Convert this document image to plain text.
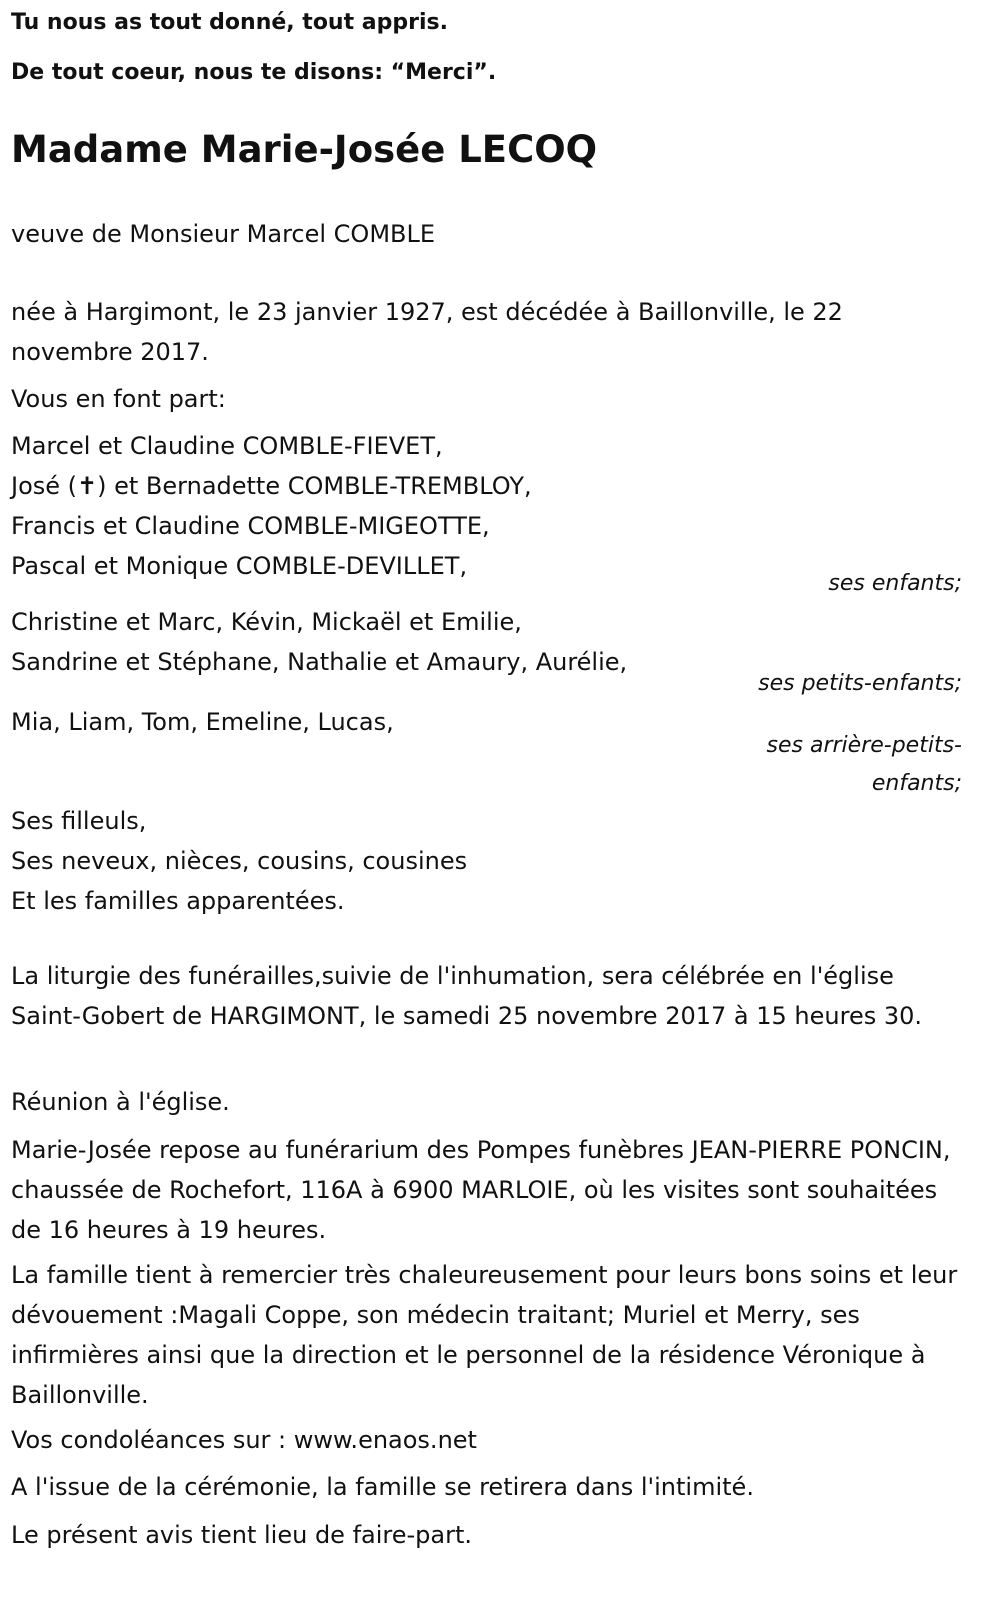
Tu nous as tout donné, tout appris.

De tout coeur, nous te disons: “Merci”.

Madame Marie-Josée LECOQ

veuve de Monsieur Marcel COMBLE

née à Hargimont, le 23 janvier 1927, est décédée à Baillonville, le 22 novembre 2017.

Vous en font part:

Marcel et Claudine COMBLE-FIEVET,
José (✝) et Bernadette COMBLE-TREMBLOY,
Francis et Claudine COMBLE-MIGEOTTE,
Pascal et Monique COMBLE-DEVILLET,

ses enfants;

Christine et Marc, Kévin, Mickaël et Emilie,
Sandrine et Stéphane, Nathalie et Amaury, Aurélie,

ses petits-enfants;

Mia, Liam, Tom, Emeline, Lucas,

ses arrière-petits-enfants;

Ses filleuls,
Ses neveux, nièces, cousins, cousines
Et les familles apparentées.

La liturgie des funérailles,suivie de l'inhumation, sera célébrée en l'église Saint-Gobert de HARGIMONT, le samedi 25 novembre 2017 à 15 heures 30.

Réunion à l'église.

Marie-Josée repose au funérarium des Pompes funèbres JEAN-PIERRE PONCIN, chaussée de Rochefort, 116A à 6900 MARLOIE, où les visites sont souhaitées de 16 heures à 19 heures.

La famille tient à remercier très chaleureusement pour leurs bons soins et leur dévouement :Magali Coppe, son médecin traitant; Muriel et Merry, ses infirmières ainsi que la direction et le personnel de la résidence Véronique à Baillonville.

Vos condoléances sur : www.enaos.net

A l'issue de la cérémonie, la famille se retirera dans l'intimité.

Le présent avis tient lieu de faire-part.
